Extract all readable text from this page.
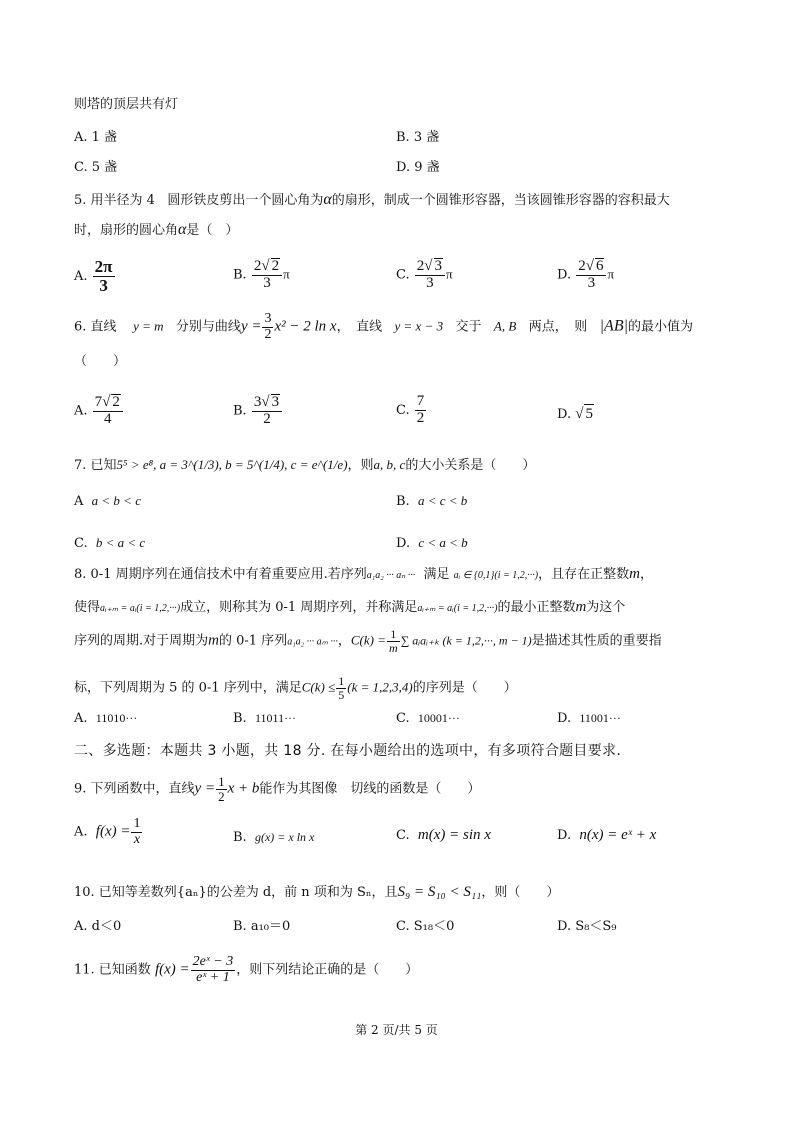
则塔的顶层共有灯
A. 1 盏	B. 3 盏
C. 5 盏	D. 9 盏
5. 用半径为 4 圆形铁皮剪出一个圆心角为α的扇形，制成一个圆锥形容器，当该圆锥形容器的容积最大
时，扇形的圆心角α是（　）
A. $\frac{2\pi}{3}$	B. $\frac{2√ 2}{3}$ π	C. $\frac{2√ 3}{3}$ π	D. $\frac{2√ 6}{3}$ π
6. 直线 y = m 分别与曲线$y = \frac{3}{2} x^2 - 2$ ln x，　直线 y = x − 3 交于 A, B 两点，　则 |AB|的最小值为
（　　）
A. $\frac{7√ 2}{4}$	B. $\frac{3√ 3}{2}$	C. $\frac{7}{2}$	D. √ 5
7. 已知5⁵ > e⁸, a = 3^(1/3), b = 5^(1/4), c = e^(1/e)，则a, b, c的大小关系是（　　）
A a < b < c	B. a < c < b
C. b < a < c	D. c < a < b
8. 0-1 周期序列在通信技术中有着重要应用.若序列a₁a₂ ··· aₙ ··· 满足 aᵢ ∈ {0,1}(i = 1,2,···)，且存在正整数m，
使得aᵢ₊ₘ = aᵢ(i = 1,2,···)成立，则称其为 0-1 周期序列，并称满足aᵢ₊ₘ = aᵢ(i = 1,2,···)的最小正整数m为这个
序列的周期.对于周期为m的 0-1 序列a₁a₂ ··· aₘ ···，$C(k) = \frac{1}{m}$ ∑ aᵢaᵢ₊ₖ (k = 1,2,···, m − 1)是描述其性质的重要指
标，下列周期为 5 的 0-1 序列中，满足$C(k) \le \frac{1}{5} (k = 1,2,3,4)$的序列是（　　）
A. 11010···	B. 11011···	C. 10001···	D. 11001···
二、多选题：本题共 3 小题，共 18 分. 在每小题给出的选项中，有多项符合题目要求.
9. 下列函数中，直线$y = \frac{1}{2}$ x + b能作为其图像　切线的函数是（　　）
A. $f(x) = \frac{1}{x}$	B. g(x) = x ln x	C. m(x) = sin x	D. n(x) = eˣ + x
10. 已知等差数列{aₙ}的公差为 d，前 n 项和为 Sₙ，且S₉ = S₁₀ < S₁₁，则（　　）
A. d＜0	B. a₁₀＝0	C. S₁₈＜0	D. S₈＜S₉
11. 已知函数 $f(x) = \frac{\text{2eˣ − 3}}{\text{eˣ + 1}}$ ，则下列结论正确的是（　　）
第 2 页/共 5 页
